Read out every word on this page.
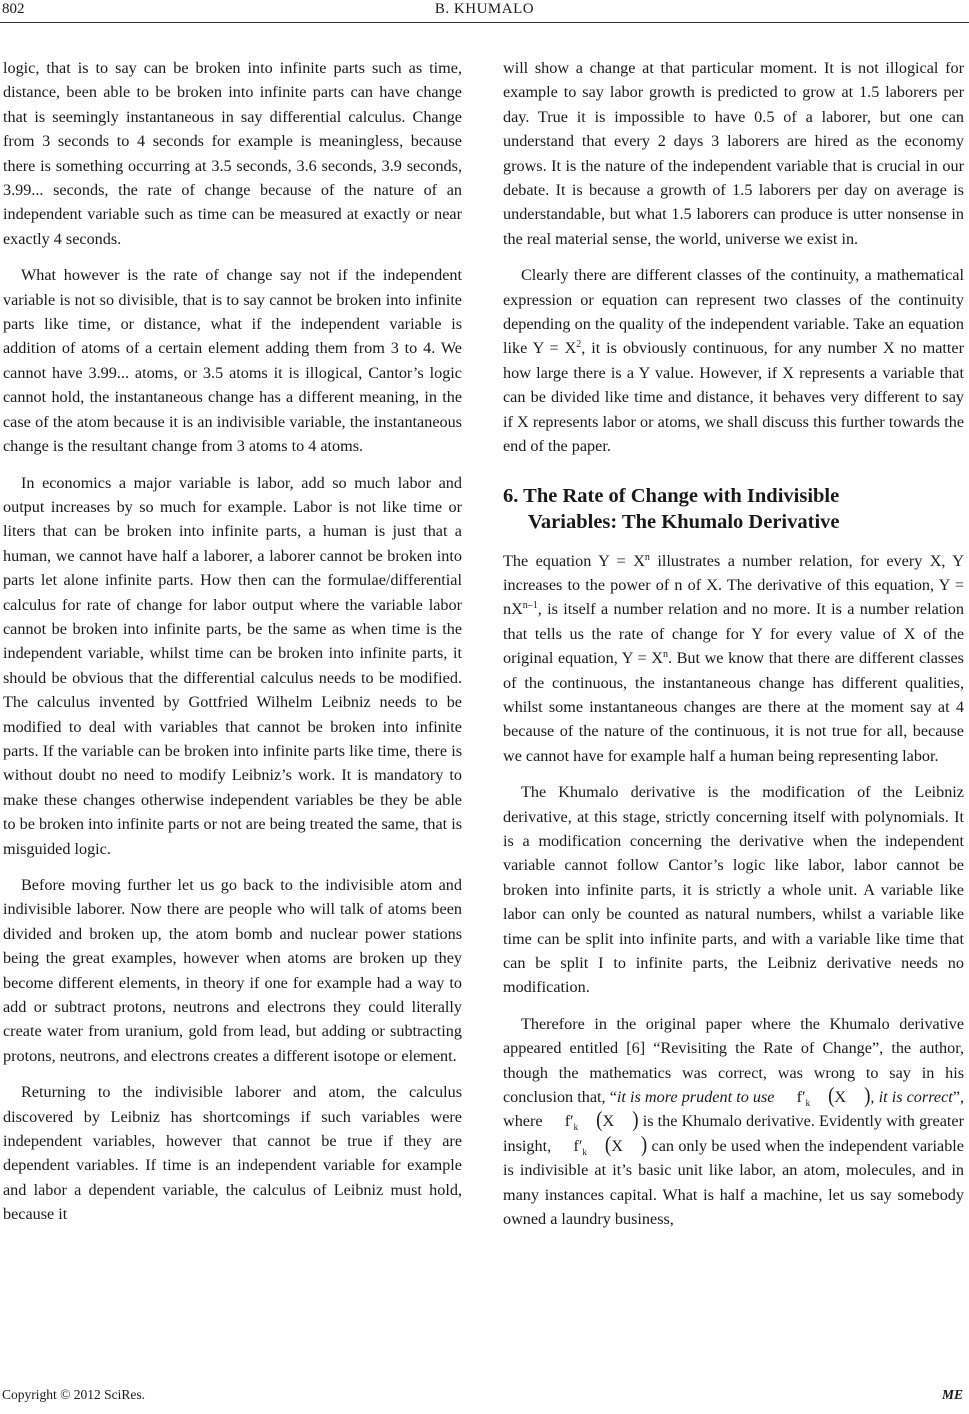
802	B. KHUMALO

logic, that is to say can be broken into infinite parts such as time, distance, been able to be broken into infinite parts can have change that is seemingly instantaneous in say differential calculus. Change from 3 seconds to 4 seconds for example is meaningless, because there is something occurring at 3.5 seconds, 3.6 seconds, 3.9 seconds, 3.99... seconds, the rate of change because of the nature of an independent variable such as time can be measured at exactly or near exactly 4 seconds.

What however is the rate of change say not if the independent variable is not so divisible, that is to say cannot be broken into infinite parts like time, or distance, what if the independent variable is addition of atoms of a certain element adding them from 3 to 4. We cannot have 3.99... atoms, or 3.5 atoms it is illogical, Cantor’s logic cannot hold, the instantaneous change has a different meaning, in the case of the atom because it is an indivisible variable, the instantaneous change is the resultant change from 3 atoms to 4 atoms.

In economics a major variable is labor, add so much labor and output increases by so much for example. Labor is not like time or liters that can be broken into infinite parts, a human is just that a human, we cannot have half a laborer, a laborer cannot be broken into parts let alone infinite parts. How then can the formulae/differential calculus for rate of change for labor output where the variable labor cannot be broken into infinite parts, be the same as when time is the independent variable, whilst time can be broken into infinite parts, it should be obvious that the differential calculus needs to be modified. The calculus invented by Gottfried Wilhelm Leibniz needs to be modified to deal with variables that cannot be broken into infinite parts. If the variable can be broken into infinite parts like time, there is without doubt no need to modify Leibniz’s work. It is mandatory to make these changes otherwise independent variables be they be able to be broken into infinite parts or not are being treated the same, that is misguided logic.

Before moving further let us go back to the indivisible atom and indivisible laborer. Now there are people who will talk of atoms been divided and broken up, the atom bomb and nuclear power stations being the great examples, however when atoms are broken up they become different elements, in theory if one for example had a way to add or subtract protons, neutrons and electrons they could literally create water from uranium, gold from lead, but adding or subtracting protons, neutrons, and electrons creates a different isotope or element.

Returning to the indivisible laborer and atom, the calculus discovered by Leibniz has shortcomings if such variables were independent variables, however that cannot be true if they are dependent variables. If time is an independent variable for example and labor a dependent variable, the calculus of Leibniz must hold, because it

will show a change at that particular moment. It is not illogical for example to say labor growth is predicted to grow at 1.5 laborers per day. True it is impossible to have 0.5 of a laborer, but one can understand that every 2 days 3 laborers are hired as the economy grows. It is the nature of the independent variable that is crucial in our debate. It is because a growth of 1.5 laborers per day on average is understandable, but what 1.5 laborers can produce is utter nonsense in the real material sense, the world, universe we exist in.

Clearly there are different classes of the continuity, a mathematical expression or equation can represent two classes of the continuity depending on the quality of the independent variable. Take an equation like $Y = X^2$, it is obviously continuous, for any number X no matter how large there is a Y value. However, if X represents a variable that can be divided like time and distance, it behaves very different to say if X represents labor or atoms, we shall discuss this further towards the end of the paper.

6. The Rate of Change with Indivisible
Variables: The Khumalo Derivative

The equation $Y = X^n$ illustrates a number relation, for every X, Y increases to the power of n of X. The derivative of this equation, $Y = nX^{n-1}$, is itself a number relation and no more. It is a number relation that tells us the rate of change for Y for every value of X of the original equation, $Y = X^n$. But we know that there are different classes of the continuous, the instantaneous change has different qualities, whilst some instantaneous changes are there at the moment say at 4 because of the nature of the continuous, it is not true for all, because we cannot have for example half a human being representing labor.

The Khumalo derivative is the modification of the Leibniz derivative, at this stage, strictly concerning itself with polynomials. It is a modification concerning the derivative when the independent variable cannot follow Cantor’s logic like labor, labor cannot be broken into infinite parts, it is strictly a whole unit. A variable like labor can only be counted as natural numbers, whilst a variable like time can be split into infinite parts, and with a variable like time that can be split I to infinite parts, the Leibniz derivative needs no modification.

Therefore in the original paper where the Khumalo derivative appeared entitled [6] “Revisiting the Rate of Change”, the author, though the mathematics was correct, was wrong to say in his conclusion that, “it is more prudent to use $f'_k$ (X ), it is correct”, where $f'_k$ (X ) is the Khumalo derivative. Evidently with greater insight, $f'_k$ (X ) can only be used when the independent variable is indivisible at it’s basic unit like labor, an atom, molecules, and in many instances capital. What is half a machine, let us say somebody owned a laundry business,

Copyright © 2012 SciRes.	ME
